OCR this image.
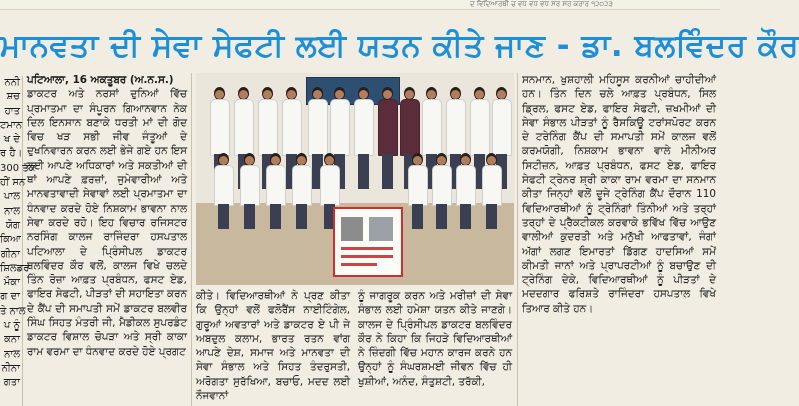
ਦ ਵਿਦਿਆਰਥੀ ਚ ਵਧ ਵਧ ਵਧ ਸਰ ਸਰ ਕਰਾਰ ੧੨੦੨੩
ਮਾਨਵਤਾ ਦੀ ਸੇਵਾ ਸੇਫਟੀ ਲਈ ਯਤਨ ਕੀਤੇ ਜਾਣ - ਡਾ. ਬਲਵਿੰਦਰ ਕੌਰ
ਨਨੀ
ਸ਼ਚ
ਹਾਤ
ਟਮਾਨ
ਖ ਦੇ
ਰ ਹੈ।
300 ਤੱਕ
ਹੀਂ ਸਨ
ਪਾਲ
ਨਾਲ
ਯੋਗ
ਕਿਆ
ਗੀਨਾ
ਸ਼ਿਲਡਰ
ਮੌਕਾ
ਗ ਦਾ
ਤੇ ਨਾਲ
ਪ ਨੂੰ
ਕਨਾ
ਨਾਲ
ਨੀਨਾ
ਗਤਾ

ਪਟਿਆਲਾ, 16 ਅਕਤੂਬਰ (ਅ.ਨ.ਸ.)

ਡਾਕਟਰ ਅਤੇ ਨਰਸਾਂ ਦੁਨਿਆਂ ਵਿੱਚ ਪ੍ਰਮਾਤਮਾ ਦਾ ਸੰਪੂਰਨ ਗਿਆਨਵਾਨ ਨੇਕ ਦਿਲ ਇਨਸਾਨ ਬਣਾਕੇ ਧਰਤੀ ਮਾਂ ਦੀ ਗੋਦ ਵਿਚ ਖੜ ਸਭੀ ਜੀਵ ਜੰਤੂਆਂ ਦੇ ਦੁਖਨਿਵਾਰਨ ਕਰਨ ਲਈ ਭੇਜੇ ਗਏ ਹਨ ਇਸ ਲਈ ਆਪਣੇ ਅਧਿਕਾਰਾਂ ਅਤੇ ਸਕਤੀਆਂ ਦੀ ਥਾਂ ਆਪਣੇ ਫ਼ਰਜ਼ਾਂ, ਜੁਮੇਵਾਰੀਆਂ ਅਤੇ ਮਾਨਵਤਾਵਾਦੀ ਸੇਵਾਵਾਂ ਲਈ ਪ੍ਰਮਾਤਮਾ ਦਾ ਧੰਨਵਾਦ ਕਰਦੇ ਹੋਏ ਨਿਸ਼ਕਾਮ ਭਾਵਨਾ ਨਾਲ ਸੇਵਾ ਕਰਦੇ ਰਹੋ। ਇਹ ਵਿਚਾਰ ਰਜਿਸਟਰ ਨਰਸਿੰਗ ਕਾਲਜ ਰਾਜਿੰਦਰਾ ਹਸਪਤਾਲ ਪਟਿਆਲਾ ਦੇ ਪ੍ਰਿੰਸੀਪਲ ਡਾਕਟਰ ਬਲਵਿੰਦਰ ਕੌਰ ਵਲੋਂ, ਕਾਲਜ ਵਿਖੇ ਚਲਦੇ ਤਿੰਨ ਰੋਜ਼ਾ ਆਫ਼ਤ ਪ੍ਰਬੰਧਨ, ਫਸਟ ਏਡ, ਫਾਇਰ ਸੇਫਟੀ, ਪੀੜਤਾਂ ਦੀ ਸਹਾਇਤਾ ਕਰਨ ਦੇ ਕੈਂਪ ਦੀ ਸਮਾਪਤੀ ਸਮੇਂ ਡਾਕਟਰ ਬਲਵੀਰ ਸਿੰਘ ਸਿਹਤ ਮੰਤਰੀ ਜੀ, ਮੈਡੀਕਲ ਸੁਪਰਡੰਟ ਡਾਕਟਰ ਵਿਸ਼ਾਲ ਚੋਪੜਾ ਅਤੇ ਸ੍ਰੀ ਕਾਕਾ ਰਾਮ ਵਰਮਾ ਦਾ ਧੰਨਵਾਦ ਕਰਦੇ ਹੋਏ ਪ੍ਰਗਟ

ਕੀਤੇ। ਵਿਦਿਆਰਥੀਆਂ ਨੇ ਪ੍ਰਣ ਕੀਤਾ ਕਿ ਉਨ੍ਹਾਂ ਵਲੋਂ ਫਲੋਰੈਂਸ ਨਾਈਟਿੰਗੇਲ, ਗੁਰੂਆਂ ਅਵਤਾਰਾਂ ਅਤੇ ਡਾਕਟਰ ਏ ਪੀ ਜੇ ਅਬਦੁਲ ਕਲਾਮ, ਭਾਰਤ ਰਤਨ ਵਾਂਗ ਆਪਣੇ ਦੇਸ਼, ਸਮਾਜ ਅਤੇ ਮਾਨਵਤਾ ਦੀ ਸੇਵਾ ਸੰਭਾਲ ਅਤੇ ਸਿਹਤ ਤੰਦਰੁਸਤੀ, ਅਰੋਗਤਾ ਸੁਰੱਖਿਆ, ਬਚਾਓ, ਮਦਦ ਲਈ ਨੌਜਵਾਨਾਂ

ਨੂੰ ਜਾਗਰੂਕ ਕਰਨ ਅਤੇ ਮਰੀਜ਼ਾਂ ਦੀ ਸੇਵਾ ਸੰਭਾਲ ਲਈ ਹਮੇਸ਼ਾ ਯਤਨ ਕੀਤੇ ਜਾਣਗੇ। ਕਾਲਜ ਦੇ ਪ੍ਰਿੰਸੀਪਲ ਡਾਕਟਰ ਬਲਵਿੰਦਰ ਕੌਰ ਨੇ ਕਿਹਾ ਕਿ ਜਿਹੜੇ ਵਿਦਿਆਰਥੀਆਂ ਨੇ ਜ਼ਿੰਦਗੀ ਵਿੱਚ ਮਹਾਨ ਕਾਰਜ ਕਰਨੇ ਹਨ ਉਨ੍ਹਾਂ ਨੂੰ ਸੰਘਰਸ਼ਮਈ ਜੀਵਨ ਵਿੱਚ ਹੀ ਖੁਸ਼ੀਆਂ, ਅਨੰਦ, ਸੰਤੁਸ਼ਟੀ, ਤਰੱਕੀ,

ਸਨਮਾਨ, ਖੁਸ਼ਹਾਲੀ ਮਹਿਸੂਸ ਕਰਨੀਆਂ ਚਾਹੀਦੀਆਂ ਹਨ। ਤਿੰਨ ਦਿਨ ਚਲੇ ਆਫ਼ਤ ਪ੍ਰਬੰਧਨ, ਸਿਲ ਡ੍ਰਿਲ, ਫਸਟ ਏਡ, ਫਾਇਰ ਸੇਫਟੀ, ਜ਼ਖਮੀਆਂ ਦੀ ਸੇਵਾ ਸੰਭਾਲ ਪੀੜਤਾਂ ਨੂੰ ਰੈਸਕਿਊ ਟਰਾਂਸਪੋਰਟ ਕਰਨ ਦੇ ਟਰੇਨਿੰਗ ਕੈਂਪ ਦੀ ਸਮਾਪਤੀ ਸਮੇਂ ਕਾਲਜ ਵਲੋਂ ਕਰਮਯੋਗੀ, ਨਿਸ਼ਕਾਮ ਭਾਵਨਾ ਵਾਲੇ ਮੀਨੀਅਰ ਸਿਟੀਜ਼ਨ, ਆਫ਼ਤ ਪ੍ਰਬੰਧਨ, ਫਸਟ ਏਡ, ਫਾਇਰ ਸੇਫਟੀ ਟ੍ਰੇਨਰ ਸ਼੍ਰੀ ਕਾਕਾ ਰਾਮ ਵਰਮਾ ਦਾ ਸਨਮਾਨ ਕੀਤਾ ਜਿਨ੍ਹਾਂ ਵਲੋਂ ਦੂਜੇ ਟ੍ਰੇਨਿੰਗ ਕੈਂਪ ਦੌਰਾਨ 110 ਵਿਦਿਆਰਥੀਆਂ ਨੂੰ ਟ੍ਰੇਨਿੰਗਾਂ ਤਿੰਨੀਆਂ ਅਤੇ ਤਰ੍ਹਾਂ ਤਰ੍ਹਾਂ ਦੇ ਪ੍ਰੈਕਟੀਕਲ ਕਰਵਾਕੇ ਭਵਿੱਖ ਵਿੱਚ ਆਉਣ ਵਾਲੀਆਂ ਕੁਦਰਤੀ ਅਤੇ ਮਨੁੱਖੀ ਆਫਤਾਵਾਂ, ਜੰਗਾਂ ਅੱਗਾਂ ਲਗਣ ਇਮਾਰਤਾਂ ਡਿੱਗਣ ਹਾਦਸਿਆਂ ਸਮੇਂ ਕੀਮਤੀ ਜਾਨਾਂ ਅਤੇ ਪ੍ਰਾਪਰਟੀਆਂ ਨੂੰ ਬਚਾਉਣ ਦੀ ਟ੍ਰੇਨਿੰਗ ਦੇਕੇ, ਵਿਦਿਆਰਥੀਆਂ ਨੂੰ ਪੀੜਤਾਂ ਦੇ ਮਦਦਗਾਰ ਫਰਿਸ਼ਤੇ ਰਾਜਿੰਦਰਾ ਹਸਪਤਾਲ ਵਿਖੇ ਤਿਆਰ ਕੀਤੇ ਹਨ।
